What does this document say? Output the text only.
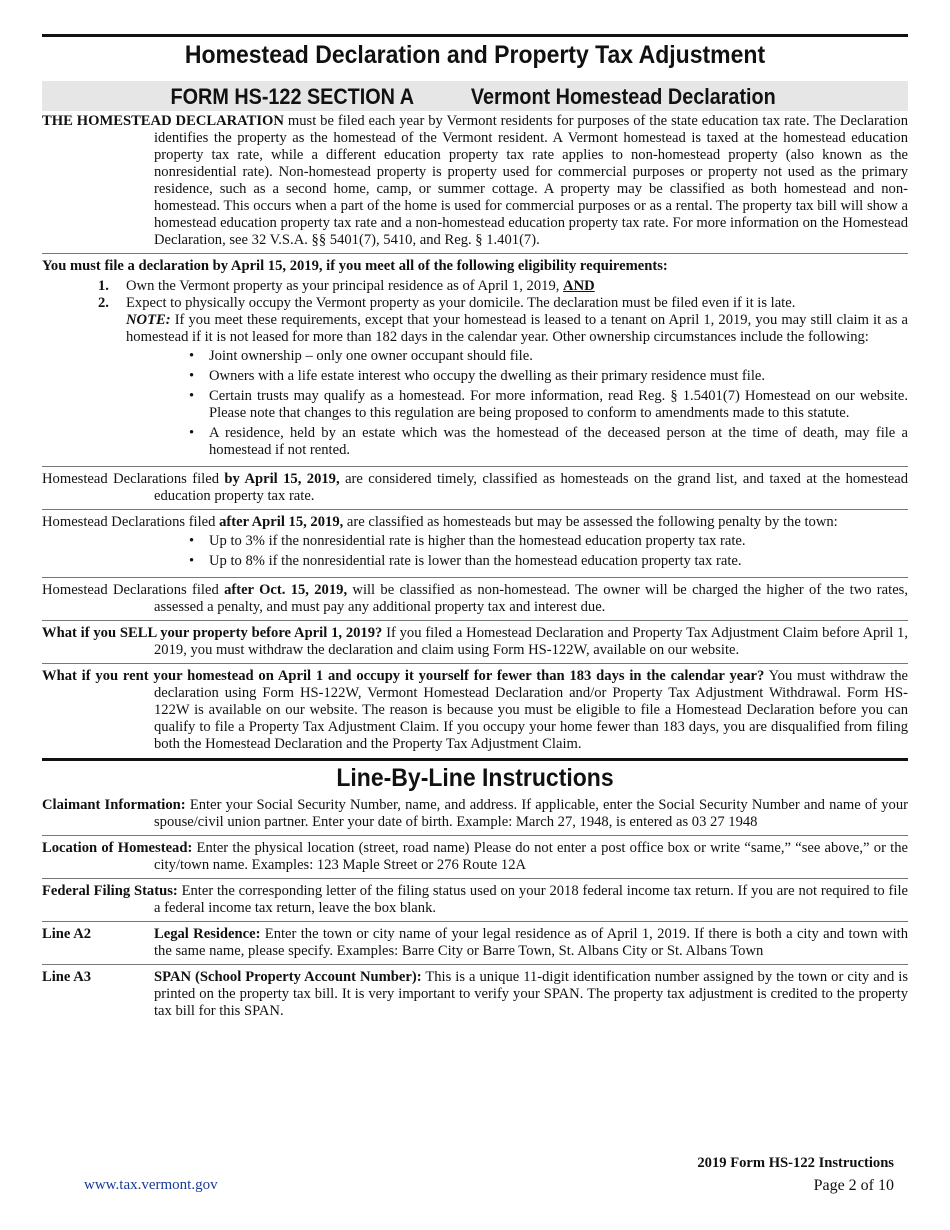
Homestead Declaration and Property Tax Adjustment
FORM HS-122 SECTION A	Vermont Homestead Declaration

THE HOMESTEAD DECLARATION must be filed each year by Vermont residents for purposes of the state education tax rate. The Declaration identifies the property as the homestead of the Vermont resident. A Vermont homestead is taxed at the homestead education property tax rate, while a different education property tax rate applies to non-homestead property (also known as the nonresidential rate). Non-homestead property is property used for commercial purposes or property not used as the primary residence, such as a second home, camp, or summer cottage. A property may be classified as both homestead and non-homestead. This occurs when a part of the home is used for commercial purposes or as a rental. The property tax bill will show a homestead education property tax rate and a non-homestead education property tax rate. For more information on the Homestead Declaration, see 32 V.S.A. §§ 5401(7), 5410, and Reg. § 1.401(7).

You must file a declaration by April 15, 2019, if you meet all of the following eligibility requirements:

1. Own the Vermont property as your principal residence as of April 1, 2019, AND
2. Expect to physically occupy the Vermont property as your domicile. The declaration must be filed even if it is late.
NOTE: If you meet these requirements, except that your homestead is leased to a tenant on April 1, 2019, you may still claim it as a homestead if it is not leased for more than 182 days in the calendar year. Other ownership circumstances include the following:
• Joint ownership – only one owner occupant should file.
• Owners with a life estate interest who occupy the dwelling as their primary residence must file.
• Certain trusts may qualify as a homestead. For more information, read Reg. § 1.5401(7) Homestead on our website. Please note that changes to this regulation are being proposed to conform to amendments made to this statute.
• A residence, held by an estate which was the homestead of the deceased person at the time of death, may file a homestead if not rented.

Homestead Declarations filed by April 15, 2019, are considered timely, classified as homesteads on the grand list, and taxed at the homestead education property tax rate.

Homestead Declarations filed after April 15, 2019, are classified as homesteads but may be assessed the following penalty by the town:

• Up to 3% if the nonresidential rate is higher than the homestead education property tax rate.
• Up to 8% if the nonresidential rate is lower than the homestead education property tax rate.

Homestead Declarations filed after Oct. 15, 2019, will be classified as non-homestead. The owner will be charged the higher of the two rates, assessed a penalty, and must pay any additional property tax and interest due.

What if you SELL your property before April 1, 2019? If you filed a Homestead Declaration and Property Tax Adjustment Claim before April 1, 2019, you must withdraw the declaration and claim using Form HS-122W, available on our website.

What if you rent your homestead on April 1 and occupy it yourself for fewer than 183 days in the calendar year? You must withdraw the declaration using Form HS-122W, Vermont Homestead Declaration and/or Property Tax Adjustment Withdrawal. Form HS-122W is available on our website. The reason is because you must be eligible to file a Homestead Declaration before you can qualify to file a Property Tax Adjustment Claim. If you occupy your home fewer than 183 days, you are disqualified from filing both the Homestead Declaration and the Property Tax Adjustment Claim.

Line-By-Line Instructions

Claimant Information: Enter your Social Security Number, name, and address. If applicable, enter the Social Security Number and name of your spouse/civil union partner. Enter your date of birth. Example: March 27, 1948, is entered as 03 27 1948

Location of Homestead: Enter the physical location (street, road name) Please do not enter a post office box or write “same,” “see above,” or the city/town name. Examples: 123 Maple Street or 276 Route 12A

Federal Filing Status: Enter the corresponding letter of the filing status used on your 2018 federal income tax return. If you are not required to file a federal income tax return, leave the box blank.

Line A2	Legal Residence: Enter the town or city name of your legal residence as of April 1, 2019. If there is both a city and town with the same name, please specify. Examples: Barre City or Barre Town, St. Albans City or St. Albans Town
Line A3	SPAN (School Property Account Number): This is a unique 11-digit identification number assigned by the town or city and is printed on the property tax bill. It is very important to verify your SPAN. The property tax adjustment is credited to the property tax bill for this SPAN.
2019 Form HS-122 Instructions
www.tax.vermont.gov	Page 2 of 10
